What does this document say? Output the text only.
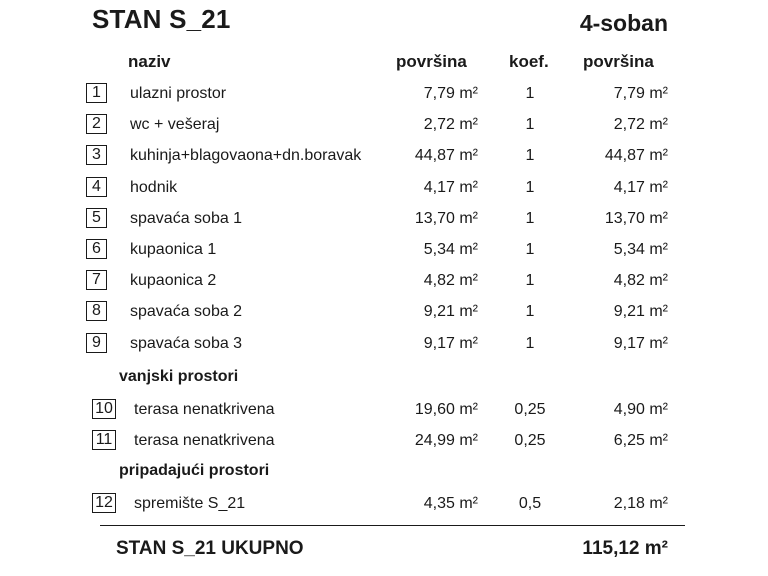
STAN S_21	4-soban
naziv	površina koef. površina
1	ulazni prostor	7,79 m²	1	7,79 m²
2	wc + vešeraj	2,72 m²	1	2,72 m²
3	kuhinja+blagovaona+dn.boravak	44,87 m²	1	44,87 m²
4	hodnik	4,17 m²	1	4,17 m²
5	spavaća soba 1	13,70 m²	1	13,70 m²
6	kupaonica 1	5,34 m²	1	5,34 m²
7	kupaonica 2	4,82 m²	1	4,82 m²
8	spavaća soba 2	9,21 m²	1	9,21 m²
9	spavaća soba 3	9,17 m²	1	9,17 m²
vanjski prostori
10 terasa nenatkrivena	19,60 m²	0,25	4,90 m²
11 terasa nenatkrivena	24,99 m²	0,25	6,25 m²
pripadajući prostori
12 spremište S_21	4,35 m²	0,5	2,18 m²
STAN S_21 UKUPNO	115,12 m²
